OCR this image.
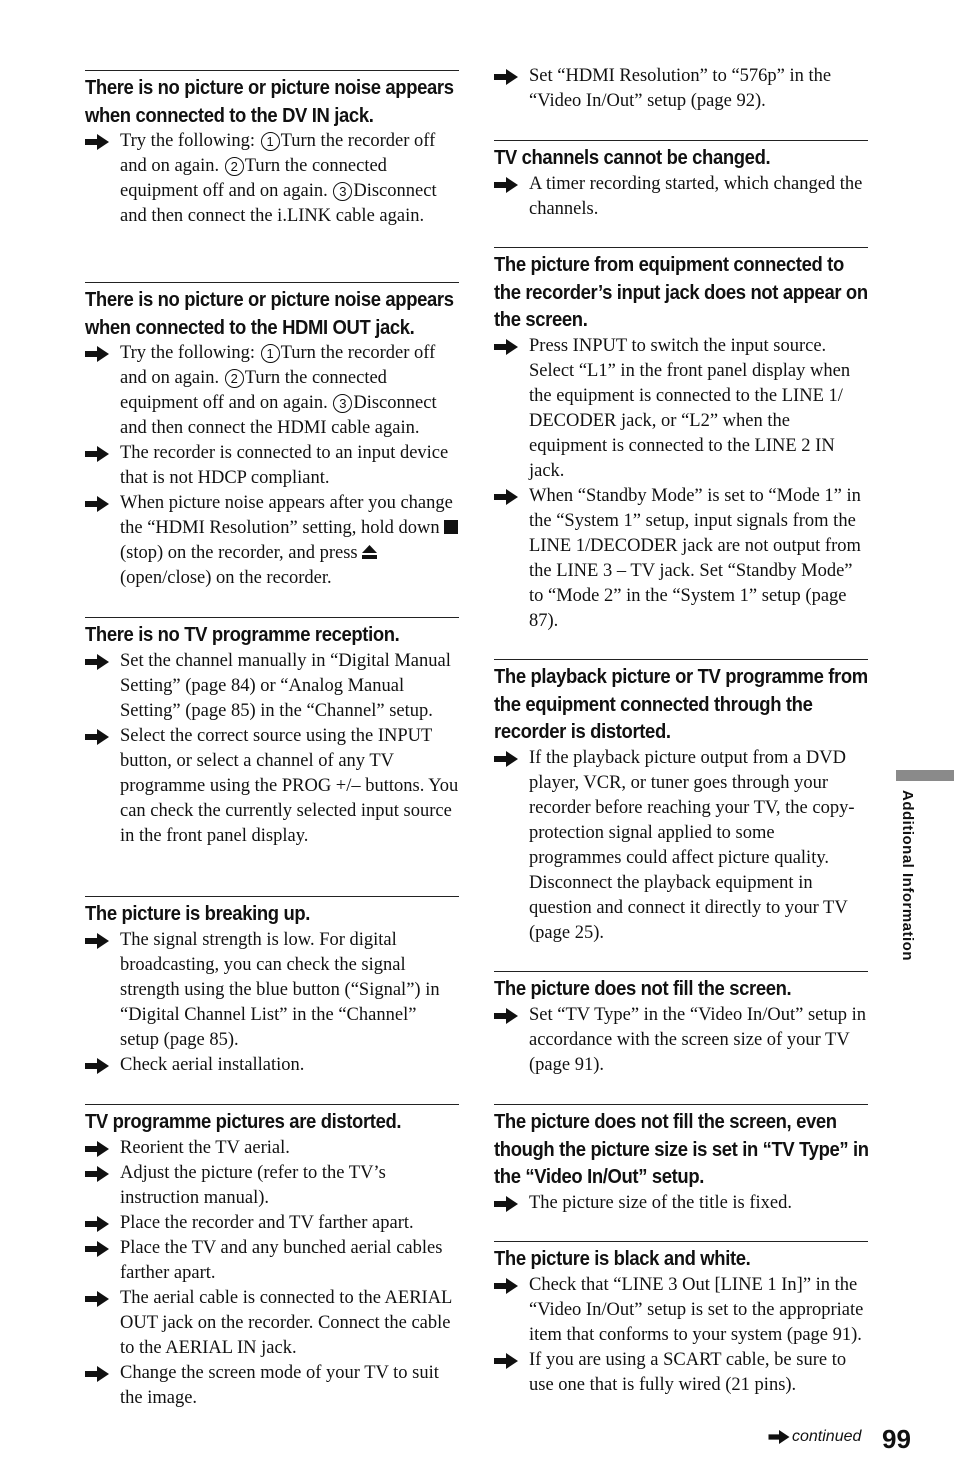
There is no picture or picture noise appears when connected to the DV IN jack.
Try the following: 1 Turn the recorder off and on again. 2 Turn the connected equipment off and on again. 3 Disconnect and then connect the i.LINK cable again.
There is no picture or picture noise appears when connected to the HDMI OUT jack.
Try the following: 1 Turn the recorder off and on again. 2 Turn the connected equipment off and on again. 3 Disconnect and then connect the HDMI cable again.
The recorder is connected to an input device that is not HDCP compliant.
When picture noise appears after you change the “HDMI Resolution” setting, hold down  (stop) on the recorder, and press  (open/close) on the recorder.
There is no TV programme reception.
Set the channel manually in “Digital Manual Setting” (page 84) or “Analog Manual Setting” (page 85) in the “Channel” setup.
Select the correct source using the INPUT button, or select a channel of any TV programme using the PROG +/– buttons. You can check the currently selected input source in the front panel display.
The picture is breaking up.
The signal strength is low. For digital broadcasting, you can check the signal strength using the blue button (“Signal”) in “Digital Channel List” in the “Channel” setup (page 85).
Check aerial installation.
TV programme pictures are distorted.
Reorient the TV aerial.
Adjust the picture (refer to the TV’s instruction manual).
Place the recorder and TV farther apart.
Place the TV and any bunched aerial cables farther apart.
The aerial cable is connected to the AERIAL OUT jack on the recorder. Connect the cable to the AERIAL IN jack.
Change the screen mode of your TV to suit the image.
Set “HDMI Resolution” to “576p” in the “Video In/Out” setup (page 92).
TV channels cannot be changed.
A timer recording started, which changed the channels.
The picture from equipment connected to the recorder’s input jack does not appear on the screen.
Press INPUT to switch the input source. Select “L1” in the front panel display when the equipment is connected to the LINE 1/ DECODER jack, or “L2” when the equipment is connected to the LINE 2 IN jack.
When “Standby Mode” is set to “Mode 1” in the “System 1” setup, input signals from the LINE 1/DECODER jack are not output from the LINE 3 – TV jack. Set “Standby Mode” to “Mode 2” in the “System 1” setup (page 87).
The playback picture or TV programme from the equipment connected through the recorder is distorted.
If the playback picture output from a DVD player, VCR, or tuner goes through your recorder before reaching your TV, the copy-protection signal applied to some programmes could affect picture quality. Disconnect the playback equipment in question and connect it directly to your TV (page 25).
The picture does not fill the screen.
Set “TV Type” in the “Video In/Out” setup in accordance with the screen size of your TV (page 91).
The picture does not fill the screen, even though the picture size is set in “TV Type” in the “Video In/Out” setup.
The picture size of the title is fixed.
The picture is black and white.
Check that “LINE 3 Out [LINE 1 In]” in the “Video In/Out” setup is set to the appropriate item that conforms to your system (page 91).
If you are using a SCART cable, be sure to use one that is fully wired (21 pins).
Additional Information
continued 99
